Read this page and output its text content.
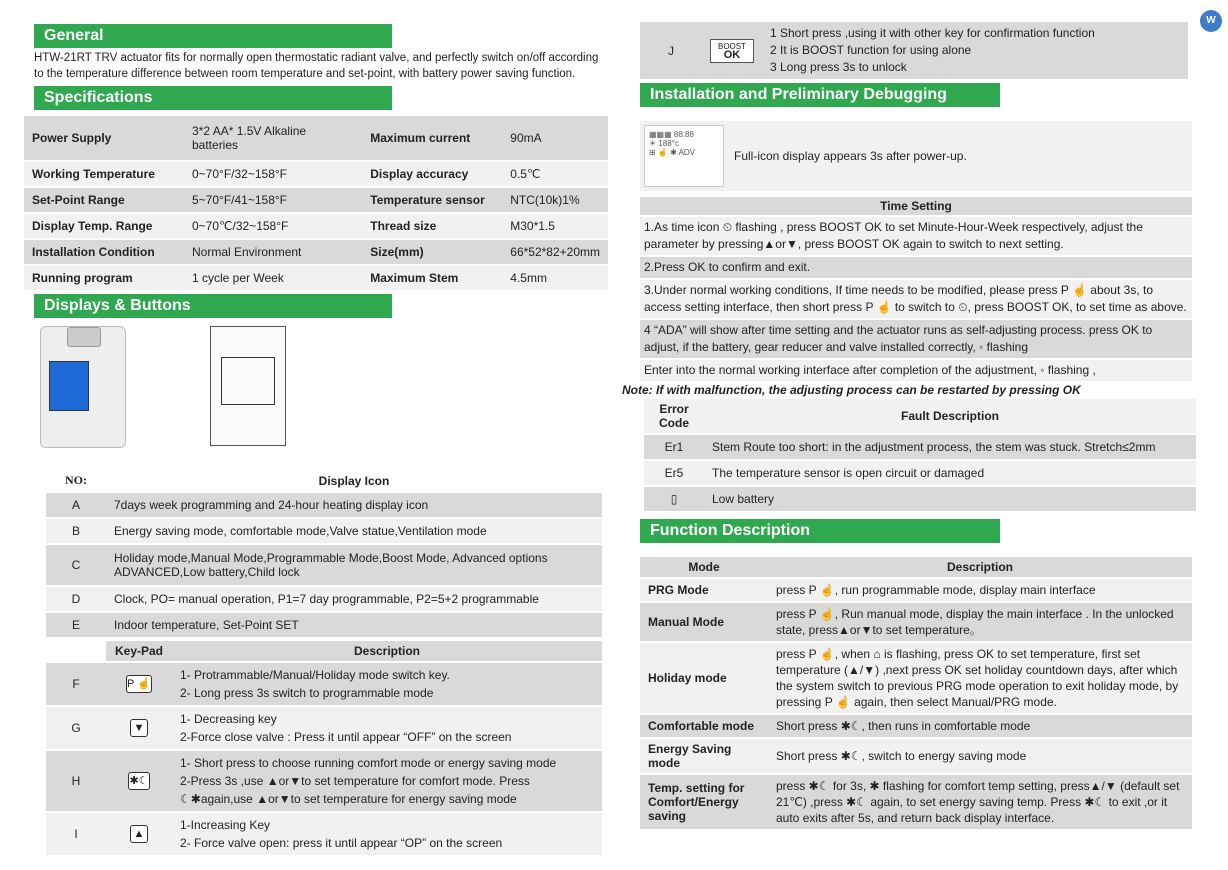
W
General
HTW-21RT TRV actuator fits for normally open thermostatic radiant valve, and perfectly switch on/off according to the temperature difference between room temperature and set-point, with battery power saving function.
Specifications
Power Supply	3*2 AA* 1.5V Alkaline batteries	Maximum current	90mA
Working Temperature	0~70°F/32~158°F	Display accuracy	0.5℃
Set-Point Range	5~70°F/41~158°F	Temperature sensor	NTC(10k)1%
Display Temp. Range	0~70℃/32~158°F	Thread size	M30*1.5
Installation Condition	Normal Environment	Size(mm)	66*52*82+20mm
Running program	1 cycle per Week	Maximum Stem	4.5mm
Displays & Buttons
NO:	Display Icon
A	7days week programming and 24-hour heating display icon
B	Energy saving mode, comfortable mode,Valve statue,Ventilation mode
C	Holiday mode,Manual Mode,Programmable Mode,Boost Mode, Advanced options ADVANCED,Low battery,Child lock
D	Clock, PO= manual operation, P1=7 day programmable, P2=5+2 programmable
E	Indoor temperature, Set-Point SET
	Key-Pad	Description
F	P ☝	1- Protrammable/Manual/Holiday mode switch key.
2- Long press 3s switch to programmable mode

G	▼	1- Decreasing key
2-Force close valve : Press it until appear “OFF” on the screen

H	✱☾	1- Short press to choose running comfort mode or energy saving mode
2-Press 3s ,use ▲or▼to set temperature for comfort mode. Press ☾✱again,use ▲or▼to set temperature for energy saving mode

I	▲	1-Increasing Key
2- Force valve open: press it until appear “OP” on the screen
J	BOOST
OK

1 Short press ,using it with other key for confirmation function
2 It is BOOST function for using alone
3 Long press 3s to unlock
Installation and Preliminary Debugging
▦▦▦ 88:88
☀ 188°c
⊞ ☝ ✱ ADV	Full-icon display appears 3s after power-up.
Time Setting
1.As time icon ⏲ flashing , press BOOST OK to set Minute-Hour-Week respectively, adjust the parameter by pressing▲or▼, press BOOST OK again to switch to next setting.
2.Press OK to confirm and exit.
3.Under normal working conditions, If time needs to be modified, please press P ☝ about 3s, to access setting interface, then short press P ☝ to switch to ⏲, press BOOST OK, to set time as above.
4 “ADA” will show after time setting and the actuator runs as self-adjusting process. press OK to adjust, if the battery, gear reducer and valve installed correctly, ◦ flashing
Enter into the normal working interface after completion of the adjustment, ◦ flashing ,
Note: If with malfunction, the adjusting process can be restarted by pressing OK
Error Code	Fault Description
Er1	Stem Route too short: in the adjustment process, the stem was stuck. Stretch≤2mm
Er5	The temperature sensor is open circuit or damaged
▯	Low battery
Function Description
Mode	Description
PRG Mode	press P ☝, run programmable mode, display main interface
Manual Mode	press P ☝, Run manual mode, display the main interface . In the unlocked state, press▲or▼to set temperature。
Holiday mode	press P ☝, when ⌂ is flashing, press OK to set temperature, first set temperature (▲/▼) ,next press OK set holiday countdown days, after which the system switch to previous PRG mode operation to exit holiday mode, by pressing P ☝ again, then select Manual/PRG mode.
Comfortable mode	Short press ✱☾, then runs in comfortable mode
Energy Saving mode	Short press ✱☾, switch to energy saving mode
Temp. setting for Comfort/Energy saving	press ✱☾ for 3s, ✱ flashing for comfort temp setting, press▲/▼ (default set 21℃) ,press ✱☾ again, to set energy saving temp. Press ✱☾ to exit ,or it auto exits after 5s, and return back display interface.
